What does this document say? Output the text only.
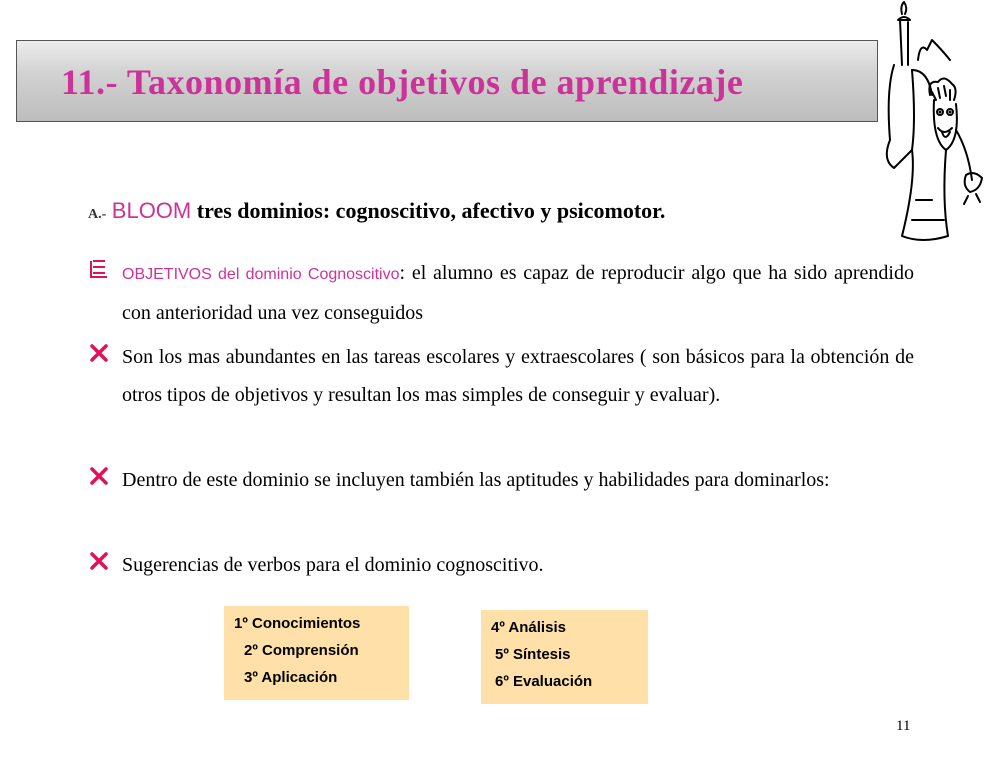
11.- Taxonomía de objetivos de aprendizaje
A.- BLOOM tres dominios: cognoscitivo, afectivo y psicomotor.
OBJETIVOS del dominio Cognoscitivo: el alumno es capaz de reproducir algo que ha sido aprendido con anterioridad una vez conseguidos
Son los mas abundantes en las tareas escolares y extraescolares ( son básicos para la obtención de otros tipos de objetivos y resultan los mas simples de conseguir y evaluar).
Dentro de este dominio se incluyen también las aptitudes y habilidades para dominarlos:
Sugerencias de verbos para el dominio cognoscitivo.
1º Conocimientos
2º Comprensión
3º Aplicación
4º Análisis
5º Síntesis
6º Evaluación
11
